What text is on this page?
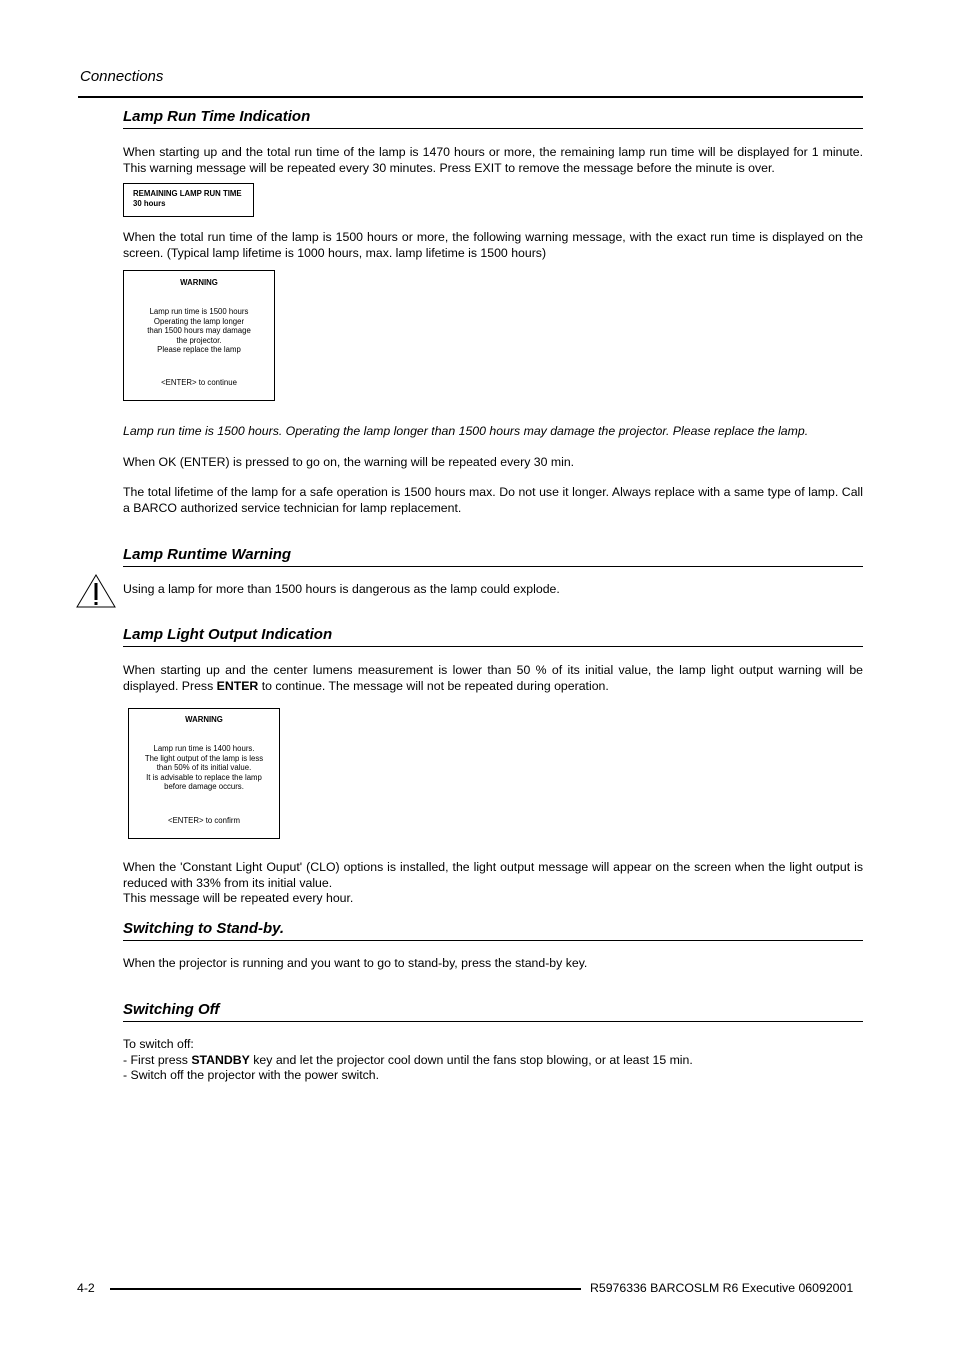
Connections
Lamp Run Time Indication
When starting up and the total run time of the lamp is 1470 hours or more, the remaining lamp run time will be displayed for 1 minute. This warning message will be repeated every 30 minutes. Press EXIT to remove the message before the minute is over.
REMAINING LAMP RUN TIME
30 hours
When the total run time of the lamp is 1500 hours or more, the following warning message, with the exact run time is displayed on the screen. (Typical lamp lifetime is 1000 hours, max. lamp lifetime is 1500 hours)
WARNING
Lamp run time is 1500 hours
Operating the lamp longer
than 1500 hours may damage
the projector.
Please replace the lamp
<ENTER> to continue
Lamp run time is 1500 hours. Operating the lamp longer than 1500 hours may damage the projector. Please replace the lamp.
When OK (ENTER) is pressed to go on, the warning will be repeated every 30 min.
The total lifetime of the lamp for a safe operation is 1500 hours max. Do not use it longer. Always replace with a same type of lamp. Call a BARCO authorized service technician for lamp replacement.
Lamp Runtime Warning
Using a lamp for more than 1500 hours is dangerous as the lamp could explode.
Lamp Light Output Indication
When starting up and the center lumens measurement is lower than 50 % of its initial value, the lamp light output warning will be displayed. Press ENTER to continue. The message will not be repeated during operation.
WARNING
Lamp run time is 1400 hours.
The light output of the lamp is less
than 50% of its initial value.
It is advisable to replace the lamp
before damage occurs.
<ENTER> to confirm
When the 'Constant Light Ouput' (CLO) options is installed, the light output message will appear on the screen when the light output is reduced with 33% from its initial value.
This message will be repeated every hour.
Switching to Stand-by.
When the projector is running and you want to go to stand-by, press the stand-by key.
Switching Off
To switch off:
- First press STANDBY key and let the projector cool down until the fans stop blowing, or at least 15 min.
- Switch off the projector with the power switch.
4-2	R5976336 BARCOSLM R6 Executive 06092001
